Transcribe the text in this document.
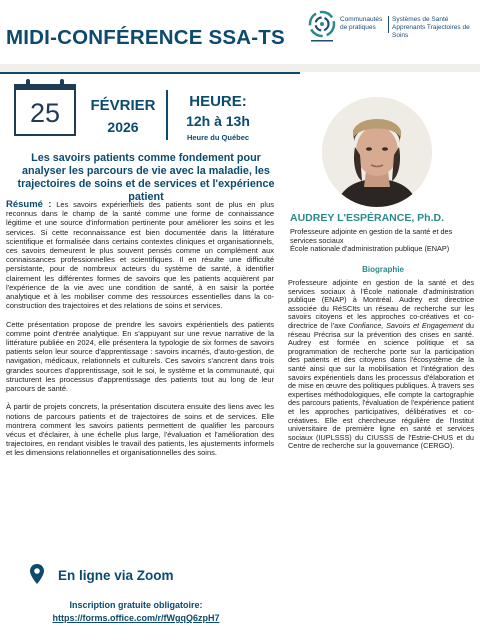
MIDI-CONFÉRENCE SSA-TS
Communautés de pratiques
Systèmes de Santé Apprenants Trajectoires de Soins
25	FÉVRIER
2026
HEURE:
12h à 13h
Heure du Québec
Les savoirs patients comme fondement pour analyser les parcours de vie avec la maladie, les trajectoires de soins et de services et l'expérience patient

Résumé : Les savoirs expérientiels des patients sont de plus en plus reconnus dans le champ de la santé comme une forme de connaissance légitime et une source d'information pertinente pour améliorer les soins et les services. Si cette reconnaissance est bien documentée dans la littérature scientifique et formalisée dans certains contextes cliniques et organisationnels, ces savoirs demeurent le plus souvent pensés comme un complément aux connaissances professionnelles et scientifiques. Il en résulte une difficulté persistante, pour de nombreux acteurs du système de santé, à identifier clairement les différentes formes de savoirs que les patients acquièrent par l'expérience de la vie avec une condition de santé, à en saisir la portée analytique et à les mobiliser comme des ressources essentielles dans la co-construction des trajectoires et des relations de soins et services.

Cette présentation propose de prendre les savoirs expérientiels des patients comme point d'entrée analytique. En s'appuyant sur une revue narrative de la littérature publiée en 2024, elle présentera la typologie de six formes de savoirs patients selon leur source d'apprentissage : savoirs incarnés, d'auto-gestion, de navigation, médicaux, relationnels et culturels. Ces savoirs s'ancrent dans trois grandes sources d'apprentissage, soit le soi, le système et la communauté, qui structurent les processus d'apprentissage des patients tout au long de leur parcours de santé.

À partir de projets concrets, la présentation discutera ensuite des liens avec les notions de parcours patients et de trajectoires de soins et de services. Elle montrera comment les savoirs patients permettent de qualifier les parcours vécus et d'éclairer, à une échelle plus large, l'évaluation et l'amélioration des trajectoires, en rendant visibles le travail des patients, les ajustements informels et les dimensions relationnelles et organisationnelles des soins.

AUDREY L'ESPÉRANCE, Ph.D.
Professeure adjointe en gestion de la santé et des services sociaux
École nationale d'administration publique (ENAP)
Biographie
Professeure adjointe en gestion de la santé et des services sociaux à l'École nationale d'administration publique (ENAP) à Montréal. Audrey est directrice associée du RéSCIts un réseau de recherche sur les savoirs citoyens et les approches co-créatives et co-directrice de l'axe Confiance, Savoirs et Engagement du réseau Précrisa sur la prévention des crises en santé. Audrey est formée en science politique et sa programmation de recherche porte sur la participation des patients et des citoyens dans l'écosystème de la santé ainsi que sur la mobilisation et l'intégration des savoirs expérientiels dans les processus d'élaboration et de mise en œuvre des politiques publiques. À travers ses expertises méthodologiques, elle compte la cartographie des parcours patients, l'évaluation de l'expérience patient et les approches participatives, délibératives et co-créatives. Elle est chercheuse régulière de l'Institut universitaire de première ligne en santé et services sociaux (IUPLSSS) du CIUSSS de l'Estrie-CHUS et du Centre de recherche sur la gouvernance (CERGO).
En ligne via Zoom
Inscription gratuite obligatoire:
https://forms.office.com/r/fWgqQ6zpH7
